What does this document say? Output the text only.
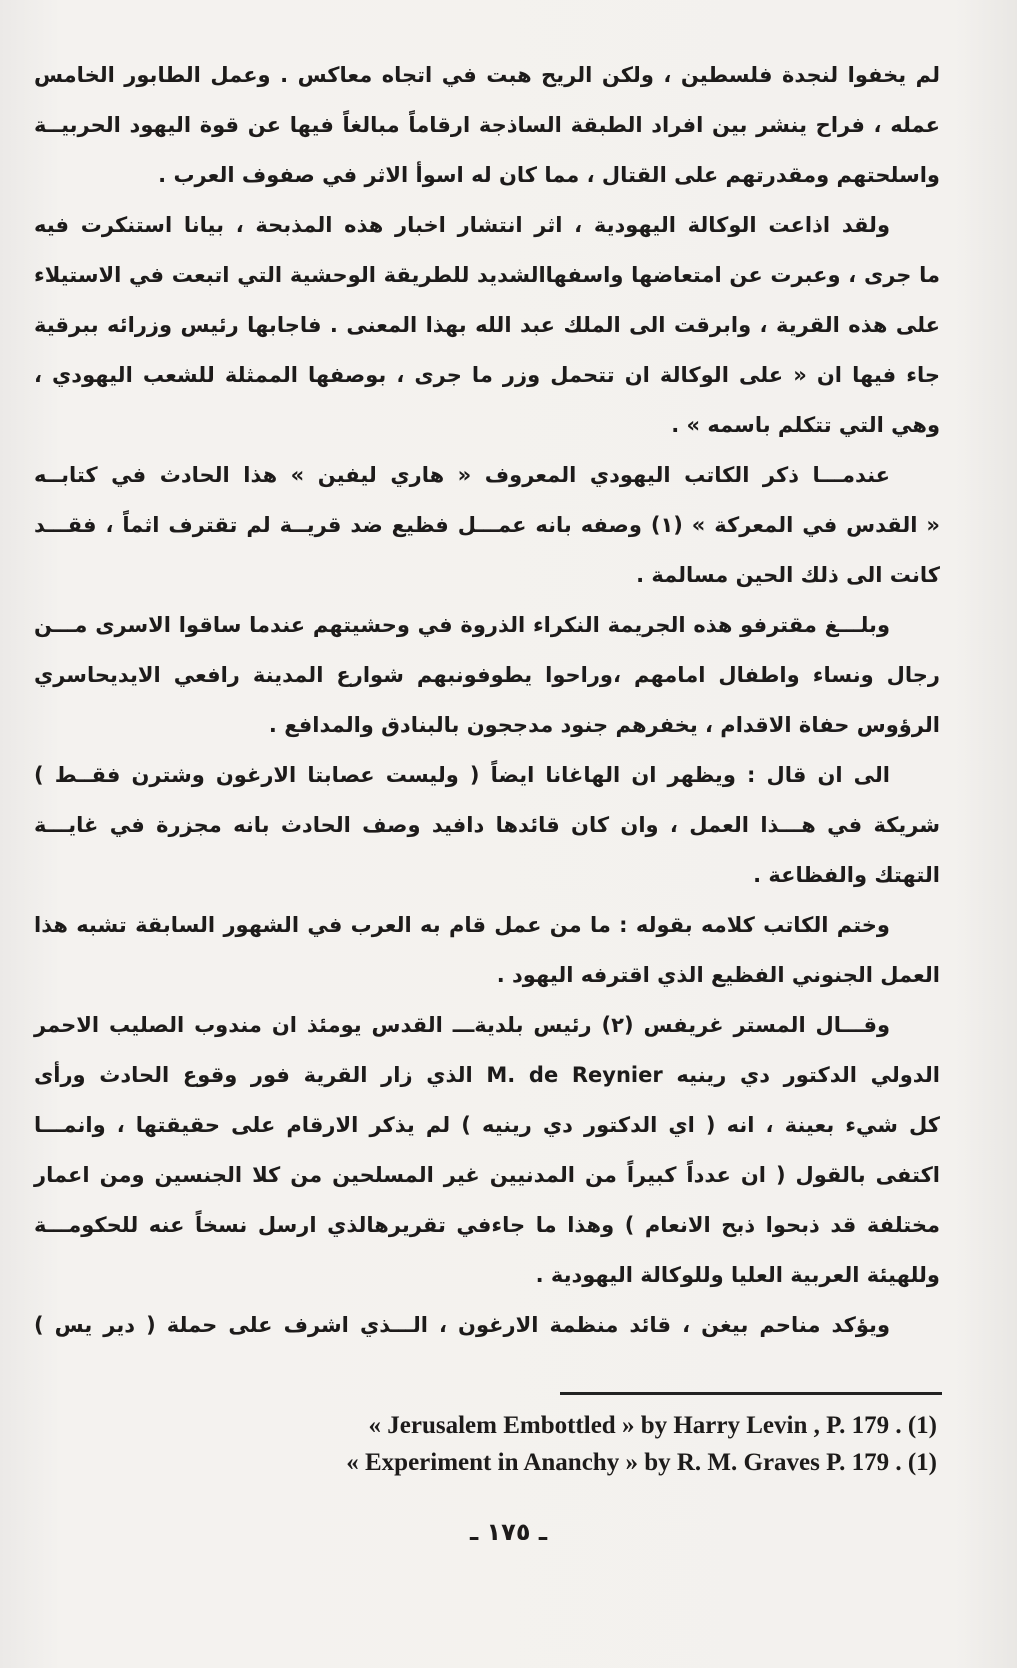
لم يخفوا لنجدة فلسطين ، ولكن الريح هبت في اتجاه معاكس . وعمل الطابور الخامس
عمله ، فراح ينشر بين افراد الطبقة الساذجة ارقاماً مبالغاً فيها عن قوة اليهود الحربيــة
واسلحتهم ومقدرتهم على القتال ، مما كان له اسوأ الاثر في صفوف العرب .
ولقد اذاعت الوكالة اليهودية ، اثر انتشار اخبار هذه المذبحة ، بيانا استنكرت فيه
ما جرى ، وعبرت عن امتعاضها واسفهاالشديد للطريقة الوحشية التي اتبعت في الاستيلاء
على هذه القرية ، وابرقت الى الملك عبد الله بهذا المعنى . فاجابها رئيس وزرائه ببرقية
جاء فيها ان « على الوكالة ان تتحمل وزر ما جرى ، بوصفها الممثلة للشعب اليهودي ،
وهي التي تتكلم باسمه » .
عندمـــا ذكر الكاتب اليهودي المعروف « هاري ليفين » هذا الحادث في كتابــه
« القدس في المعركة » (١) وصفه بانه عمـــل فظيع ضد قريــة لم تقترف اثماً ، فقـــد
كانت الى ذلك الحين مسالمة .
وبلـــغ مقترفو هذه الجريمة النكراء الذروة في وحشيتهم عندما ساقوا الاسرى مـــن
رجال ونساء واطفال امامهم ،وراحوا يطوفونبهم شوارع المدينة رافعي الايديحاسري
الرؤوس حفاة الاقدام ، يخفرهم جنود مدججون بالبنادق والمدافع .
الى ان قال : ويظهر ان الهاغانا ايضاً ( وليست عصابتا الارغون وشترن فقــط )
شريكة في هـــذا العمل ، وان كان قائدها دافيد وصف الحادث بانه مجزرة في غايـــة
التهتك والفظاعة .
وختم الكاتب كلامه بقوله : ما من عمل قام به العرب في الشهور السابقة تشبه هذا
العمل الجنوني الفظيع الذي اقترفه اليهود .
وقـــال المستر غريفس (٢) رئيس بلديةـــ القدس يومئذ ان مندوب الصليب الاحمر
الدولي الدكتور دي رينيه M. de Reynier الذي زار القرية فور وقوع الحادث ورأى
كل شيء بعينة ، انه ( اي الدكتور دي رينيه ) لم يذكر الارقام على حقيقتها ، وانمـــا
اكتفى بالقول ( ان عدداً كبيراً من المدنيين غير المسلحين من كلا الجنسين ومن اعمار
مختلفة قد ذبحوا ذبح الانعام ) وهذا ما جاءفي تقريرهالذي ارسل نسخاً عنه للحكومـــة
وللهيئة العربية العليا وللوكالة اليهودية .
ويؤكد مناحم بيغن ، قائد منظمة الارغون ، الـــذي اشرف على حملة ( دير يس )
« Jerusalem Embottled » by Harry Levin , P. 179 . (1)
« Experiment in Ananchy » by R. M. Graves P. 179 . (1)
ـ ١٧٥ ـ
